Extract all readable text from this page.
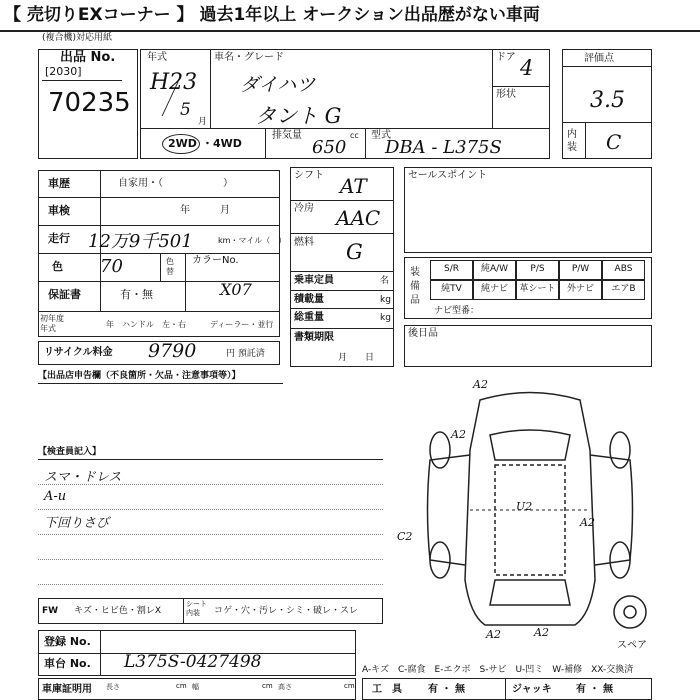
【 売切りEXコーナー 】 過去1年以上 オークション出品歴がない車両
(複合機)対応用紙
出品 No.
[2030]
70235
年式
H23
5
月
車名・グレード
ダイハツ
タント G
ドア 4
形状
2WD ・4WD
排気量	cc
650
型式
DBA - L375S
評価点
3.5
内装 C
車歴	自家用・（　　　　　　）
車検	年　　　月
走行 12万9千501	km・マイル（　）
色 70	色替
カラーNo.
X07
保証書	有・無
初年度
年式	年 ハンドル　左・右	ディーラー・並行
リサイクル料金 9790	円 預託済
シフト AT
冷房 AAC
燃料 G
乗車定員	名
積載量	kg
総重量	kg
書類期限
月　　日
セールスポイント
装備品
S/R	純A/W	P/S	P/W	ABS
純TV	純ナビ	革シート	外ナビ	エアB
ナビ型番：
後日品
【出品店申告欄（不良箇所・欠品・注意事項等）】
【検査員記入】
スマ・ドレス
A-u
下回りさび
A2
A2
U2
C2
A2
A2	A2
スペア
FW キズ・ヒビ色・割レX
シート内装	コゲ・穴・汚レ・シミ・破レ・スレ
登録 No.
車台 No. L375S-0427498
車庫証明用 長さ	cm 幅	cm 高さ	cm
A-キズ　C-腐食　E-エクボ　S-サビ　U-凹ミ　W-補修　XX-交換済
工　具	有 ・ 無	ジャッキ 有 ・ 無
